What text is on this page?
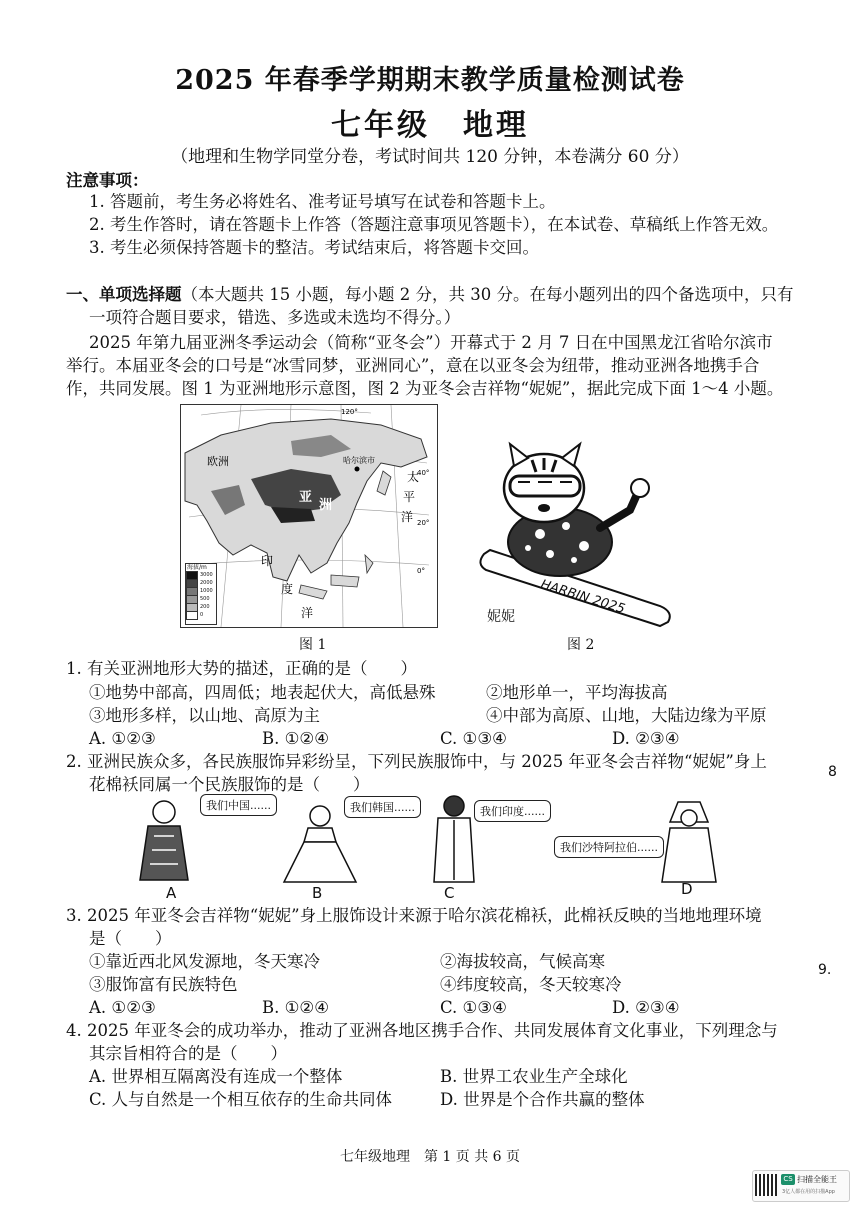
2025 年春季学期期末教学质量检测试卷
七年级　地理
（地理和生物学同堂分卷，考试时间共 120 分钟，本卷满分 60 分）
注意事项：
1. 答题前，考生务必将姓名、准考证号填写在试卷和答题卡上。
2. 考生作答时，请在答题卡上作答（答题注意事项见答题卡），在本试卷、草稿纸上作答无效。
3. 考生必须保持答题卡的整洁。考试结束后，将答题卡交回。
一、单项选择题（本大题共 15 小题，每小题 2 分，共 30 分。在每小题列出的四个备选项中，只有
一项符合题目要求，错选、多选或未选均不得分。）
2025 年第九届亚洲冬季运动会（简称“亚冬会”）开幕式于 2 月 7 日在中国黑龙江省哈尔滨市
举行。本届亚冬会的口号是“冰雪同梦，亚洲同心”，意在以亚冬会为纽带，推动亚洲各地携手合
作，共同发展。图 1 为亚洲地形示意图，图 2 为亚冬会吉祥物“妮妮”，据此完成下面 1～4 小题。
欧洲
亚
洲
哈尔滨市
太
平
洋
印
度
洋
120°
40°
20°
0°
海拔/m
3000
2000
1000
500
200
0
图 1
HARBIN 2025
妮妮
图 2
1. 有关亚洲地形大势的描述，正确的是（　　）
①地势中部高，四周低；地表起伏大，高低悬殊	②地形单一，平均海拔高
③地形多样，以山地、高原为主	④中部为高原、山地，大陆边缘为平原
A. ①②③	B. ①②④	C. ①③④	D. ②③④
2. 亚洲民族众多，各民族服饰异彩纷呈，下列民族服饰中，与 2025 年亚冬会吉祥物“妮妮”身上
花棉袄同属一个民族服饰的是（　　）
我们中国......	我们韩国......	我们印度......
我们沙特阿拉伯......
A	B	C	D
3. 2025 年亚冬会吉祥物“妮妮”身上服饰设计来源于哈尔滨花棉袄，此棉袄反映的当地地理环境
是（　　）
①靠近西北风发源地，冬天寒冷	②海拔较高，气候高寒
③服饰富有民族特色	④纬度较高，冬天较寒冷
A. ①②③	B. ①②④	C. ①③④	D. ②③④
4. 2025 年亚冬会的成功举办，推动了亚洲各地区携手合作、共同发展体育文化事业，下列理念与
其宗旨相符合的是（　　）
A. 世界相互隔离没有连成一个整体	B. 世界工农业生产全球化
C. 人与自然是一个相互依存的生命共同体	D. 世界是个合作共赢的整体
8
9.
七年级地理　第 1 页 共 6 页
CS 扫描全能王
3亿人都在用的扫描App
